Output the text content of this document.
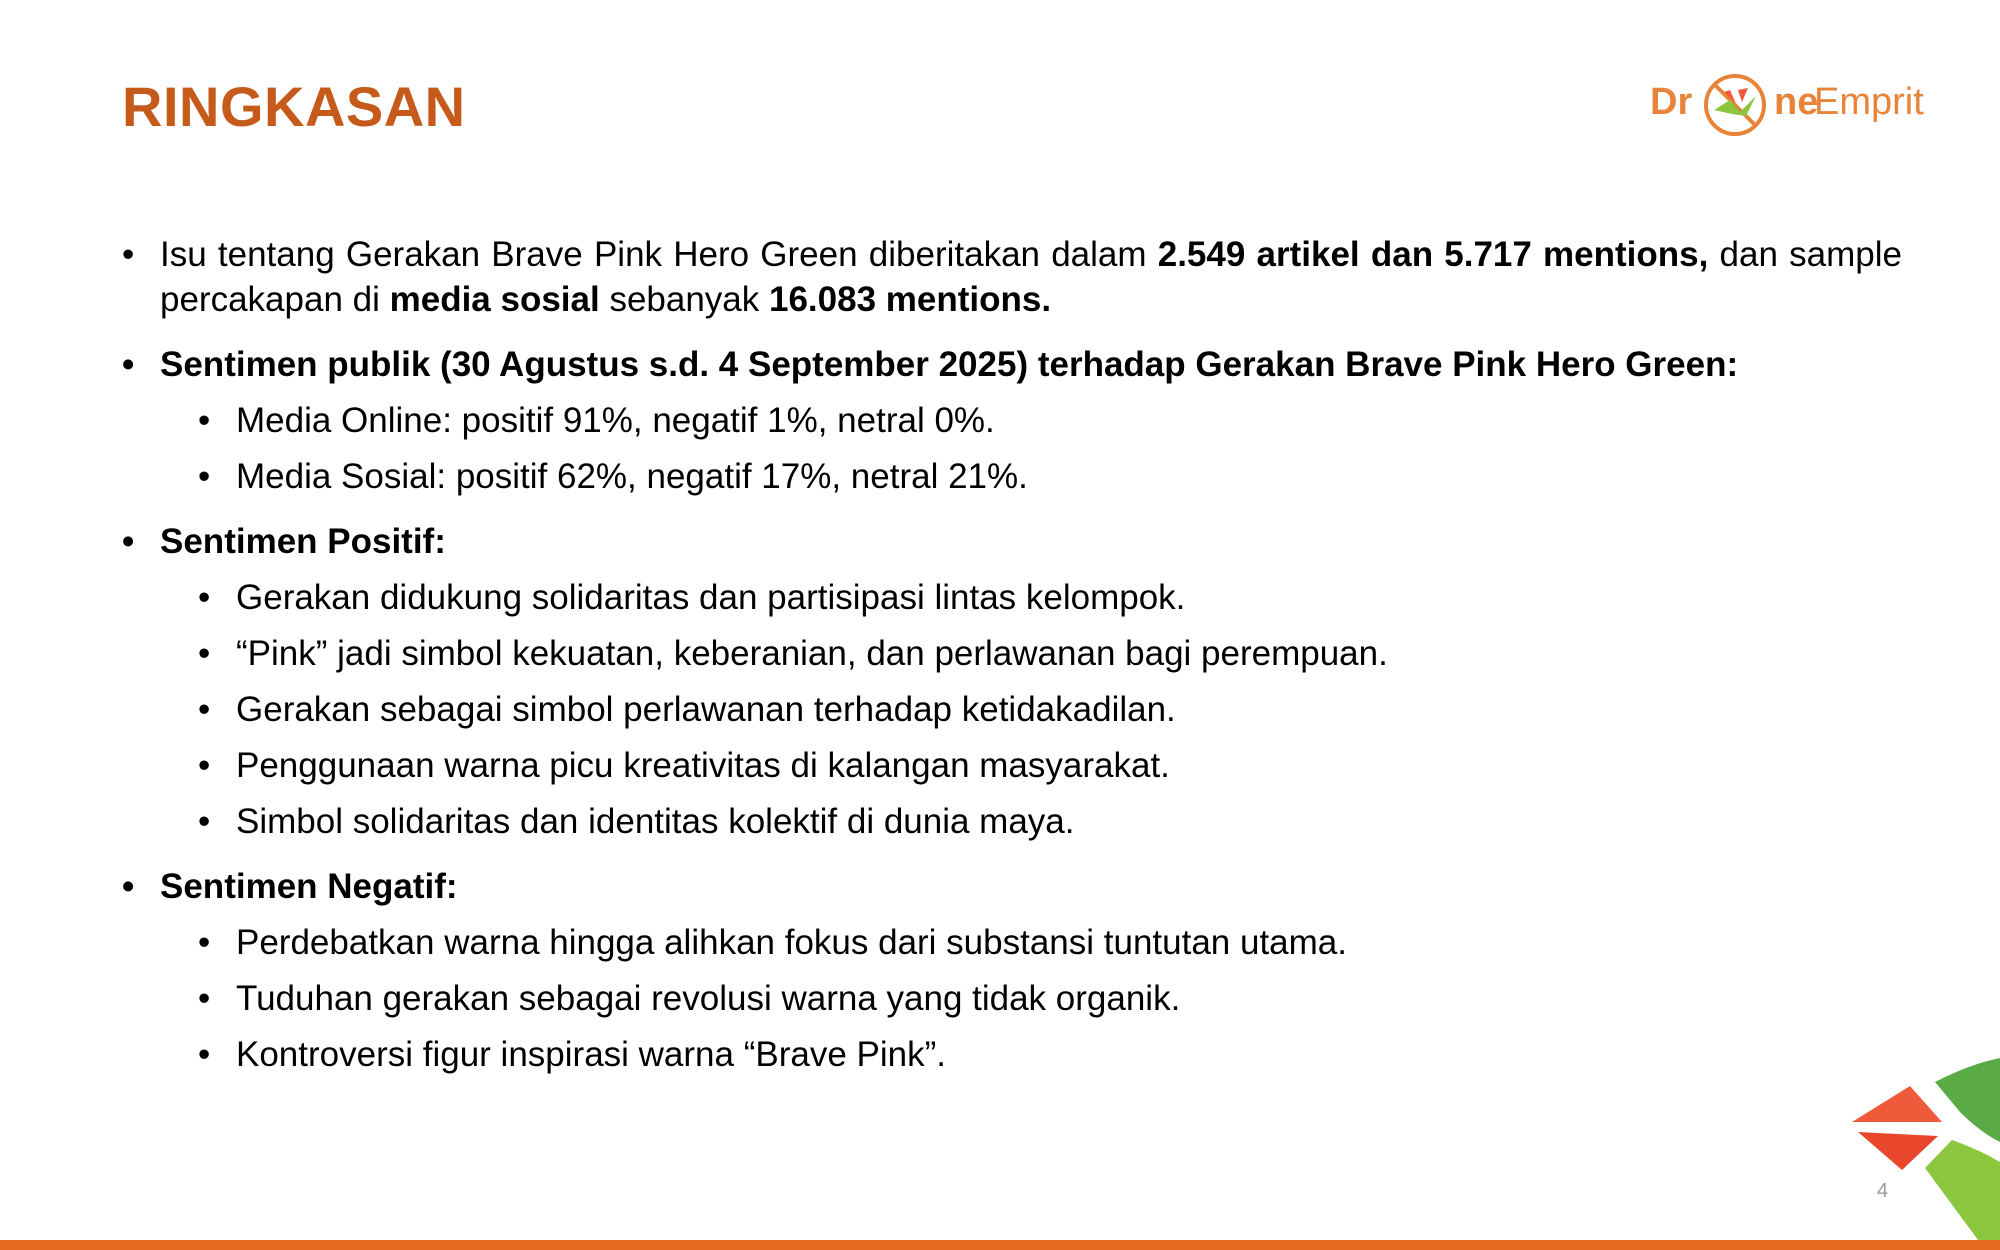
RINGKASAN	Dr ne
Emprit
• Isu tentang Gerakan Brave Pink Hero Green diberitakan dalam 2.549 artikel dan 5.717 mentions, dan sample percakapan di media sosial sebanyak 16.083 mentions.
• Sentimen publik (30 Agustus s.d. 4 September 2025) terhadap Gerakan Brave Pink Hero Green:
• Media Online: positif 91%, negatif 1%, netral 0%.
• Media Sosial: positif 62%, negatif 17%, netral 21%.
• Sentimen Positif:
• Gerakan didukung solidaritas dan partisipasi lintas kelompok.
• “Pink” jadi simbol kekuatan, keberanian, dan perlawanan bagi perempuan.
• Gerakan sebagai simbol perlawanan terhadap ketidakadilan.
• Penggunaan warna picu kreativitas di kalangan masyarakat.
• Simbol solidaritas dan identitas kolektif di dunia maya.
• Sentimen Negatif:
• Perdebatkan warna hingga alihkan fokus dari substansi tuntutan utama.
• Tuduhan gerakan sebagai revolusi warna yang tidak organik.
• Kontroversi figur inspirasi warna “Brave Pink”.
4
